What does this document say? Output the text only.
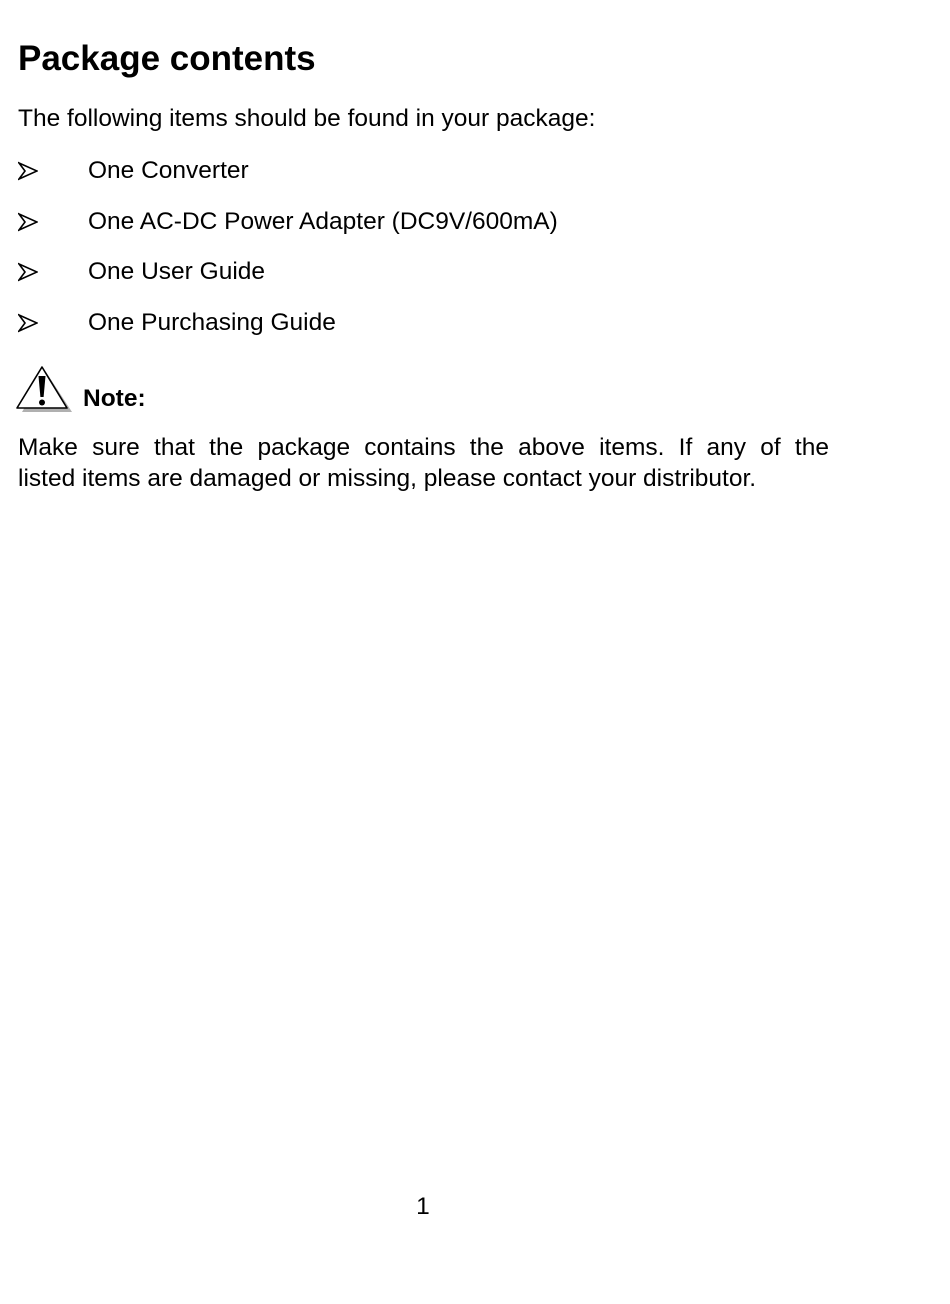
Package contents
The following items should be found in your package:
One Converter
One AC-DC Power Adapter (DC9V/600mA)
One User Guide
One Purchasing Guide
Note:

Make sure that the package contains the above items. If any of the
listed items are damaged or missing, please contact your distributor.

1
